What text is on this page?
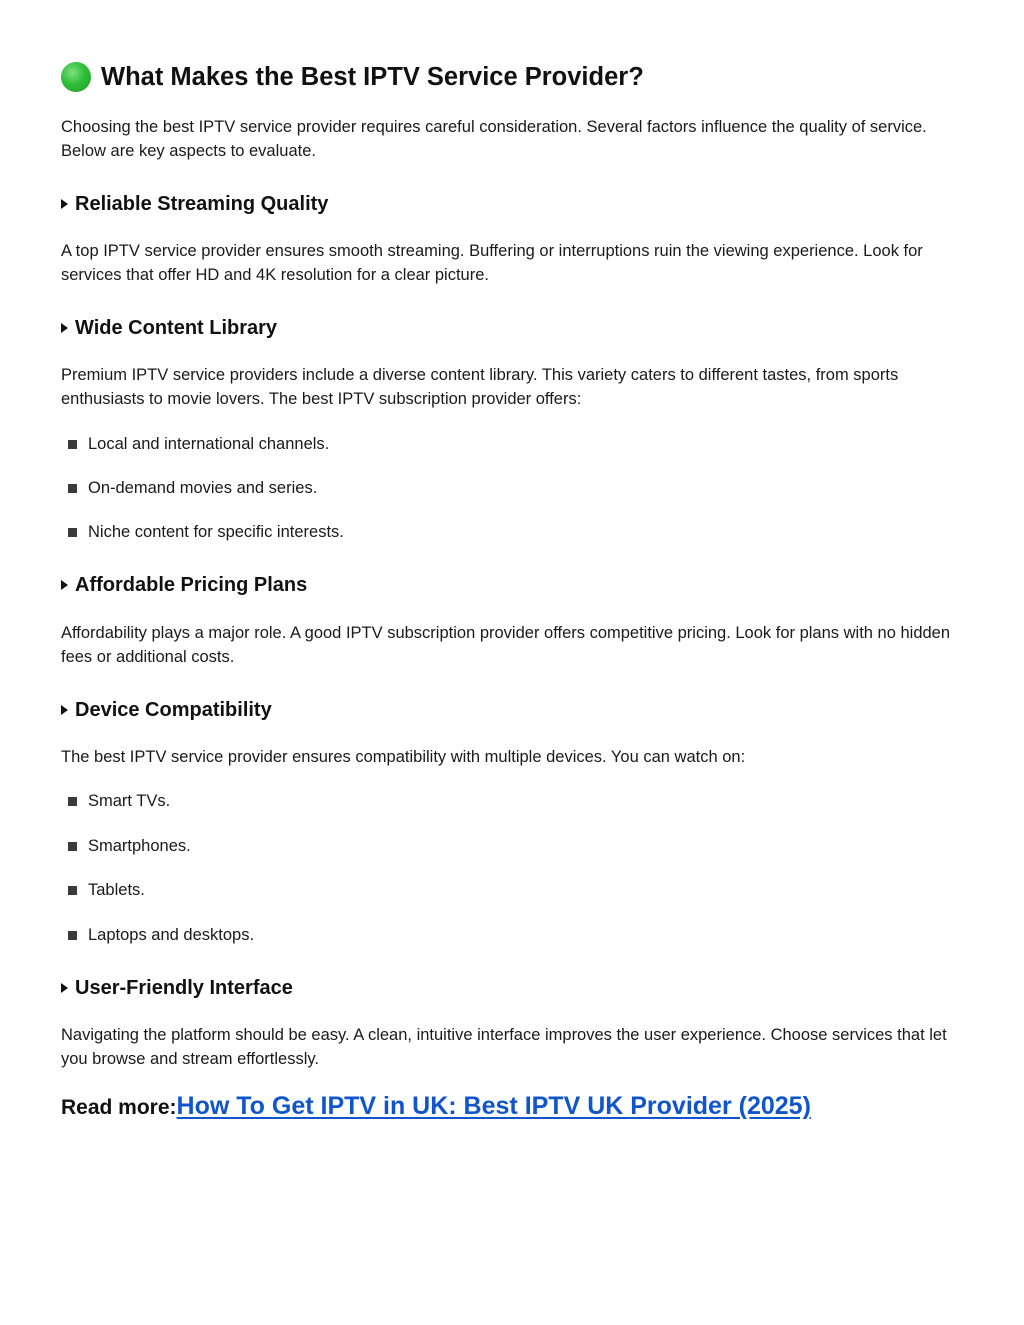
What Makes the Best IPTV Service Provider?
Choosing the best IPTV service provider requires careful consideration. Several factors influence the quality of service. Below are key aspects to evaluate.
Reliable Streaming Quality
A top IPTV service provider ensures smooth streaming. Buffering or interruptions ruin the viewing experience. Look for services that offer HD and 4K resolution for a clear picture.
Wide Content Library
Premium IPTV service providers include a diverse content library. This variety caters to different tastes, from sports enthusiasts to movie lovers. The best IPTV subscription provider offers:
Local and international channels.
On-demand movies and series.
Niche content for specific interests.
Affordable Pricing Plans
Affordability plays a major role. A good IPTV subscription provider offers competitive pricing. Look for plans with no hidden fees or additional costs.
Device Compatibility
The best IPTV service provider ensures compatibility with multiple devices. You can watch on:
Smart TVs.
Smartphones.
Tablets.
Laptops and desktops.
User-Friendly Interface
Navigating the platform should be easy. A clean, intuitive interface improves the user experience. Choose services that let you browse and stream effortlessly.
Read more: How To Get IPTV in UK: Best IPTV UK Provider (2025)
